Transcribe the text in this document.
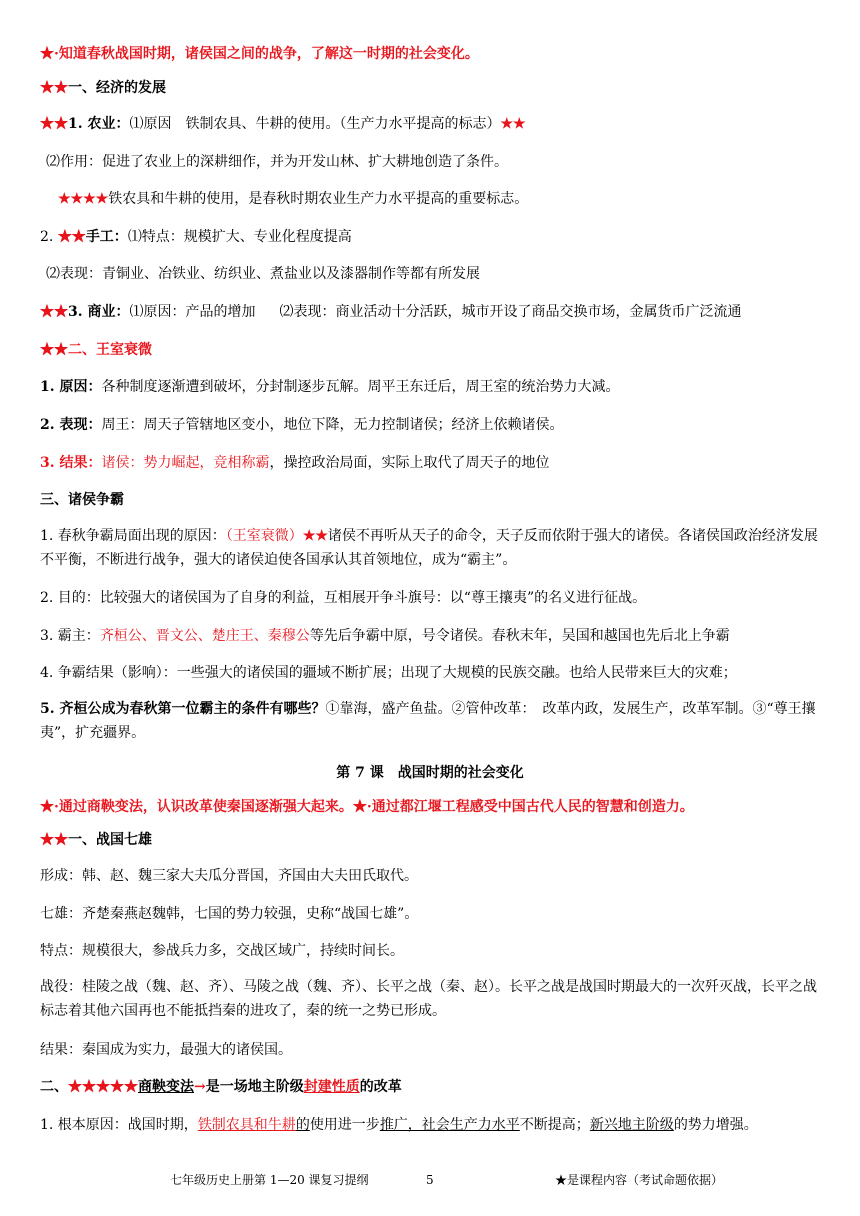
★·知道春秋战国时期，诸侯国之间的战争，了解这一时期的社会变化。
★★一、经济的发展
★★1. 农业：⑴原因　铁制农具、牛耕的使用。（生产力水平提高的标志）★★
⑵作用：促进了农业上的深耕细作，并为开发山林、扩大耕地创造了条件。
★★★★铁农具和牛耕的使用，是春秋时期农业生产力水平提高的重要标志。
2. ★★手工：⑴特点：规模扩大、专业化程度提高
⑵表现：青铜业、冶铁业、纺织业、煮盐业以及漆器制作等都有所发展
★★3. 商业：⑴原因：产品的增加 ⑵表现：商业活动十分活跃，城市开设了商品交换市场，金属货币广泛流通
★★二、王室衰微
1. 原因：各种制度逐渐遭到破坏，分封制逐步瓦解。周平王东迁后，周王室的统治势力大减。
2. 表现：周王：周天子管辖地区变小，地位下降，无力控制诸侯；经济上依赖诸侯。
3. 结果：诸侯：势力崛起，竞相称霸，操控政治局面，实际上取代了周天子的地位
三、诸侯争霸
1. 春秋争霸局面出现的原因：（王室衰微）★★诸侯不再听从天子的命令，天子反而依附于强大的诸侯。各诸侯国政治经济发展不平衡，不断进行战争，强大的诸侯迫使各国承认其首领地位，成为“霸主”。
2. 目的：比较强大的诸侯国为了自身的利益，互相展开争斗旗号：以“尊王攘夷”的名义进行征战。
3. 霸主：齐桓公、晋文公、楚庄王、秦穆公等先后争霸中原，号令诸侯。春秋末年，吴国和越国也先后北上争霸
4. 争霸结果（影响）：一些强大的诸侯国的疆域不断扩展；出现了大规模的民族交融。也给人民带来巨大的灾难；
5. 齐桓公成为春秋第一位霸主的条件有哪些？①靠海，盛产鱼盐。②管仲改革：　改革内政，发展生产，改革军制。③“尊王攘夷”，扩充疆界。
第 7 课　战国时期的社会变化
★·通过商鞅变法，认识改革使秦国逐渐强大起来。★·通过都江堰工程感受中国古代人民的智慧和创造力。
★★一、战国七雄
形成：韩、赵、魏三家大夫瓜分晋国，齐国由大夫田氏取代。
七雄：齐楚秦燕赵魏韩，七国的势力较强，史称“战国七雄”。
特点：规模很大，参战兵力多，交战区域广，持续时间长。
战役：桂陵之战（魏、赵、齐）、马陵之战（魏、齐）、长平之战（秦、赵）。长平之战是战国时期最大的一次歼灭战，长平之战标志着其他六国再也不能抵挡秦的进攻了，秦的统一之势已形成。
结果：秦国成为实力，最强大的诸侯国。
二、★★★★★商鞅变法→是一场地主阶级封建性质的改革
1. 根本原因：战国时期，铁制农具和牛耕的使用进一步推广，社会生产力水平不断提高；新兴地主阶级的势力增强。
七年级历史上册第 1—20 课复习提纲	5	★是课程内容（考试命题依据）
